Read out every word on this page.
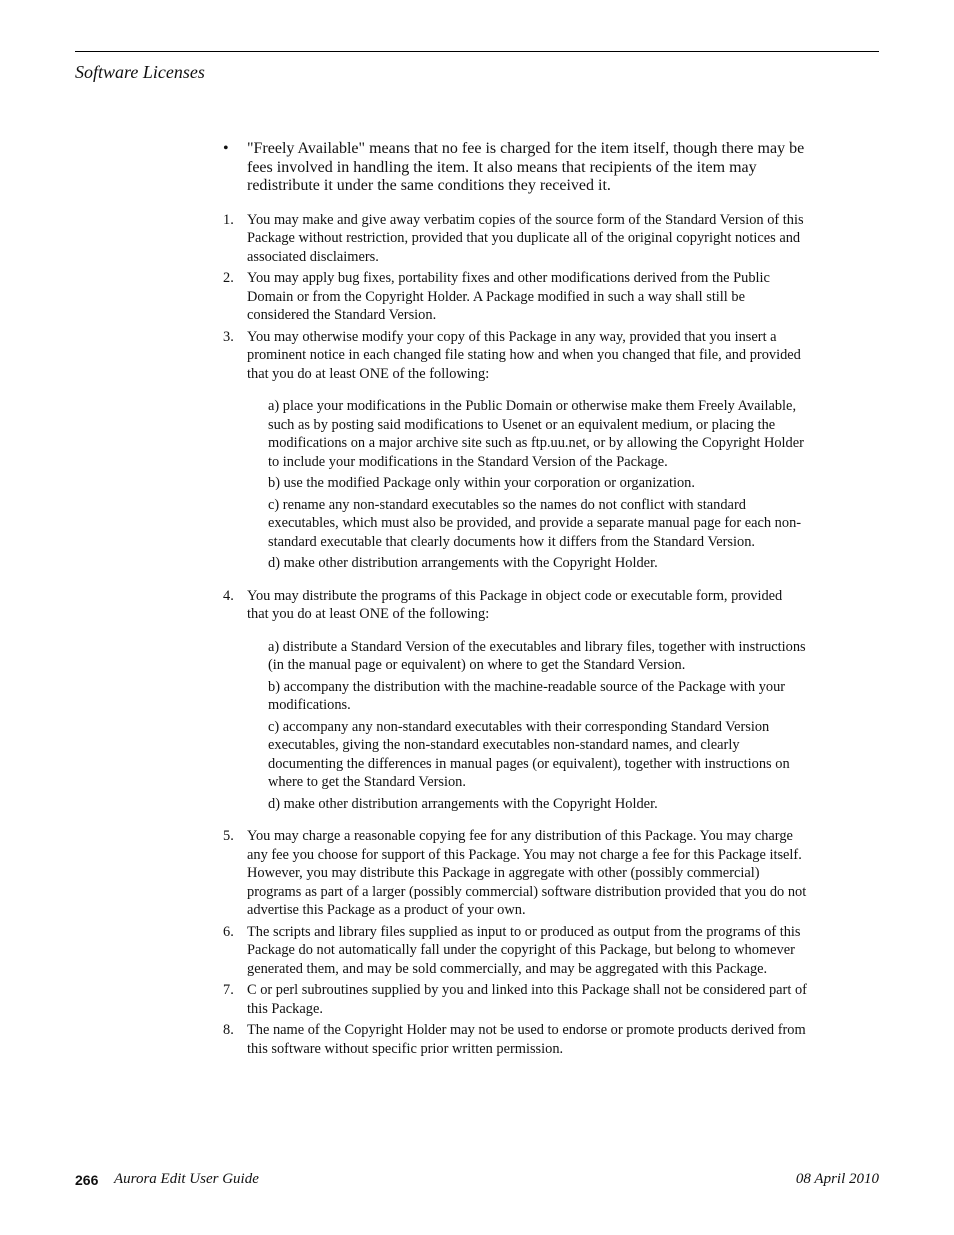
Software Licenses
• "Freely Available" means that no fee is charged for the item itself, though there may be fees involved in handling the item. It also means that recipients of the item may redistribute it under the same conditions they received it.
1. You may make and give away verbatim copies of the source form of the Standard Version of this Package without restriction, provided that you duplicate all of the original copyright notices and associated disclaimers.
2. You may apply bug fixes, portability fixes and other modifications derived from the Public Domain or from the Copyright Holder. A Package modified in such a way shall still be considered the Standard Version.
3. You may otherwise modify your copy of this Package in any way, provided that you insert a prominent notice in each changed file stating how and when you changed that file, and provided that you do at least ONE of the following:
a) place your modifications in the Public Domain or otherwise make them Freely Available, such as by posting said modifications to Usenet or an equivalent medium, or placing the modifications on a major archive site such as ftp.uu.net, or by allowing the Copyright Holder to include your modifications in the Standard Version of the Package.
b) use the modified Package only within your corporation or organization.
c) rename any non-standard executables so the names do not conflict with standard executables, which must also be provided, and provide a separate manual page for each non-standard executable that clearly documents how it differs from the Standard Version.
d) make other distribution arrangements with the Copyright Holder.
4. You may distribute the programs of this Package in object code or executable form, provided that you do at least ONE of the following:
a) distribute a Standard Version of the executables and library files, together with instructions (in the manual page or equivalent) on where to get the Standard Version.
b) accompany the distribution with the machine-readable source of the Package with your modifications.
c) accompany any non-standard executables with their corresponding Standard Version executables, giving the non-standard executables non-standard names, and clearly documenting the differences in manual pages (or equivalent), together with instructions on where to get the Standard Version.
d) make other distribution arrangements with the Copyright Holder.
5. You may charge a reasonable copying fee for any distribution of this Package. You may charge any fee you choose for support of this Package. You may not charge a fee for this Package itself. However, you may distribute this Package in aggregate with other (possibly commercial) programs as part of a larger (possibly commercial) software distribution provided that you do not advertise this Package as a product of your own.
6. The scripts and library files supplied as input to or produced as output from the programs of this Package do not automatically fall under the copyright of this Package, but belong to whomever generated them, and may be sold commercially, and may be aggregated with this Package.
7. C or perl subroutines supplied by you and linked into this Package shall not be considered part of this Package.
8. The name of the Copyright Holder may not be used to endorse or promote products derived from this software without specific prior written permission.
266 Aurora Edit User Guide	08 April 2010
